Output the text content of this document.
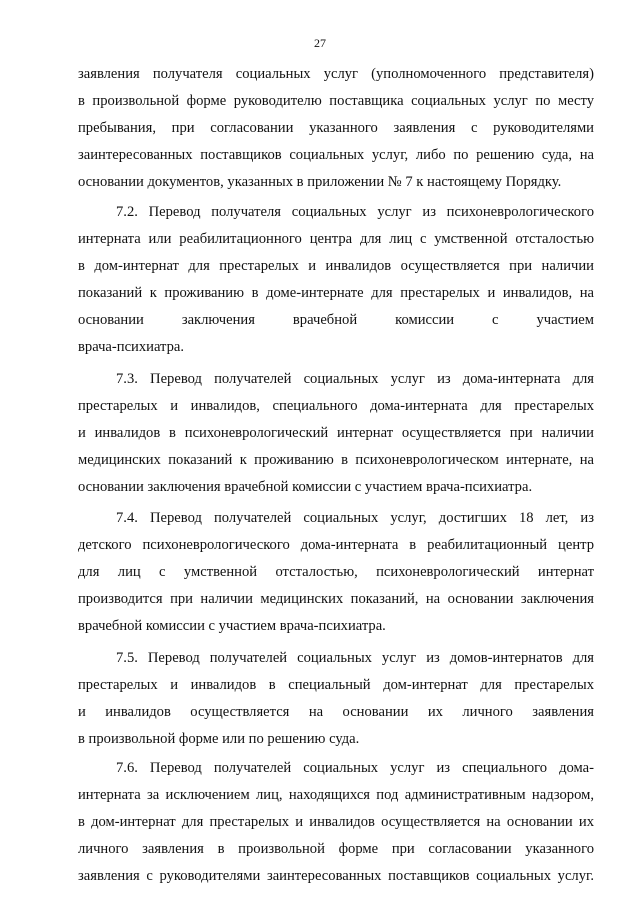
27
заявления получателя социальных услуг (уполномоченного представителя)
в произвольной форме руководителю поставщика социальных услуг по месту
пребывания, при согласовании указанного заявления с руководителями
заинтересованных поставщиков социальных услуг, либо по решению суда, на
основании документов, указанных в приложении № 7 к настоящему Порядку.
7.2. Перевод получателя социальных услуг из психоневрологического
интерната или реабилитационного центра для лиц с умственной отсталостью
в дом-интернат для престарелых и инвалидов осуществляется при наличии
показаний к проживанию в доме-интернате для престарелых и инвалидов, на
основании заключения врачебной комиссии с участием
врача-психиатра.
7.3. Перевод получателей социальных услуг из дома-интерната для
престарелых и инвалидов, специального дома-интерната для престарелых
и инвалидов в психоневрологический интернат осуществляется при наличии
медицинских показаний к проживанию в психоневрологическом интернате, на
основании заключения врачебной комиссии с участием врача-психиатра.
7.4. Перевод получателей социальных услуг, достигших 18 лет, из
детского психоневрологического дома-интерната в реабилитационный центр
для лиц с умственной отсталостью, психоневрологический интернат
производится при наличии медицинских показаний, на основании заключения
врачебной комиссии с участием врача-психиатра.
7.5. Перевод получателей социальных услуг из домов-интернатов для
престарелых и инвалидов в специальный дом-интернат для престарелых
и инвалидов осуществляется на основании их личного заявления
в произвольной форме или по решению суда.
7.6. Перевод получателей социальных услуг из специального дома-
интерната за исключением лиц, находящихся под административным надзором,
в дом-интернат для престарелых и инвалидов осуществляется на основании их
личного заявления в произвольной форме при согласовании указанного
заявления с руководителями заинтересованных поставщиков социальных услуг.
